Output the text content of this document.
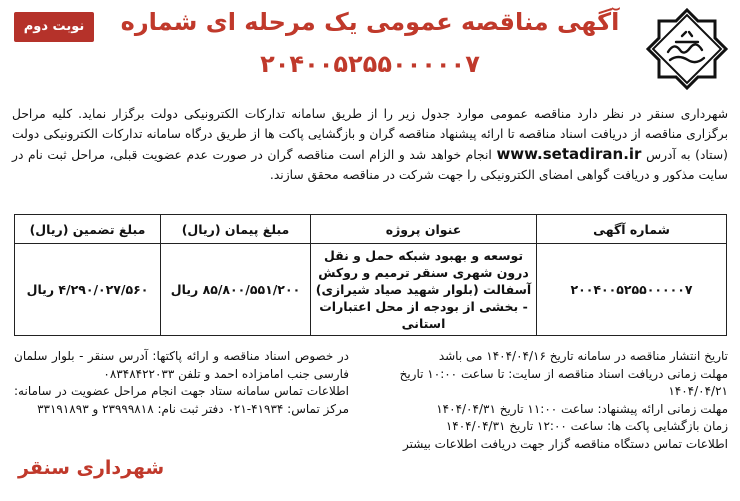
نوبت دوم	آگهی مناقصه عمومی یک مرحله ای شماره
۲۰۴۰۰۵۲۵۵۰۰۰۰۰۷
شهرداری سنقر در نظر دارد مناقصه عمومی موارد جدول زیر را از طریق سامانه تدارکات الکترونیکی دولت برگزار نماید. کلیه مراحل برگزاری مناقصه از دریافت اسناد مناقصه تا ارائه پیشنهاد مناقصه گران و بازگشایی پاکت ها از طریق درگاه سامانه تدارکات الکترونیکی دولت (ستاد) به آدرس www.setadiran.ir انجام خواهد شد و الزام است مناقصه گران در صورت عدم عضویت قبلی، مراحل ثبت نام در سایت مذکور و دریافت گواهی امضای الکترونیکی را جهت شرکت در مناقصه محقق سازند.
شماره آگهی	عنوان پروژه	مبلغ پیمان (ریال)	مبلغ تضمین (ریال)
۲۰۰۴۰۰۵۲۵۵۰۰۰۰۰۷	توسعه و بهبود شبکه حمل و نقل درون شهری سنقر ترمیم و روکش آسفالت (بلوار شهید صیاد شیرازی) - بخشی از بودجه از محل اعتبارات استانی	۸۵/۸۰۰/۵۵۱/۲۰۰ ریال	۴/۲۹۰/۰۲۷/۵۶۰ ریال
تاریخ انتشار مناقصه در سامانه تاریخ ۱۴۰۴/۰۴/۱۶ می باشد
مهلت زمانی دریافت اسناد مناقصه از سایت: تا ساعت ۱۰:۰۰ تاریخ
۱۴۰۴/۰۴/۲۱
مهلت زمانی ارائه پیشنهاد: ساعت ۱۱:۰۰ تاریخ ۱۴۰۴/۰۴/۳۱
زمان بازگشایی پاکت ها: ساعت ۱۲:۰۰ تاریخ ۱۴۰۴/۰۴/۳۱
اطلاعات تماس دستگاه مناقصه گزار جهت دریافت اطلاعات بیشتر
در خصوص اسناد مناقصه و ارائه پاکتها: آدرس سنقر - بلوار سلمان فارسی جنب امامزاده احمد و تلفن ۰۸۳۴۸۴۲۲۰۳۳
اطلاعات تماس سامانه ستاد جهت انجام مراحل عضویت در سامانه: مرکز تماس: ۴۱۹۳۴-۰۲۱ دفتر ثبت نام: ۲۳۹۹۹۸۱۸ و ۳۳۱۹۱۸۹۳
شهرداری سنقر
